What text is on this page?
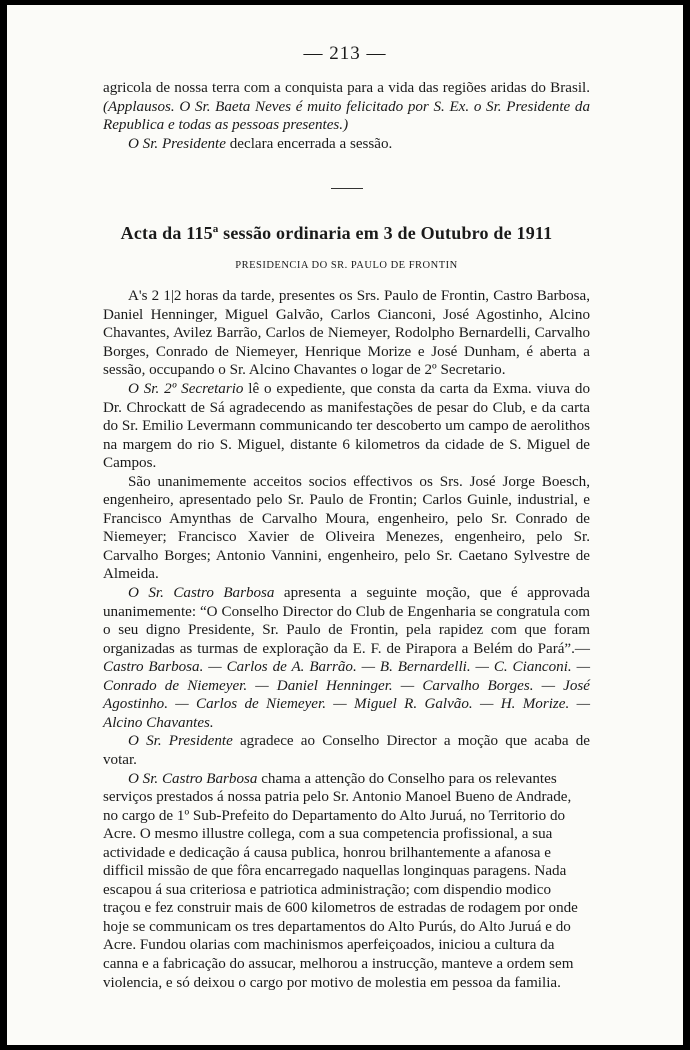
— 213 —

agricola de nossa terra com a conquista para a vida das regiões aridas do Brasil. (Applausos. O Sr. Baeta Neves é muito felicitado por S. Ex. o Sr. Presidente da Republica e todas as pessoas presentes.)

O Sr. Presidente declara encerrada a sessão.

Acta da 115ª sessão ordinaria em 3 de Outubro de 1911
PRESIDENCIA DO SR. PAULO DE FRONTIN

A's 2 1|2 horas da tarde, presentes os Srs. Paulo de Frontin, Castro Barbosa, Daniel Henninger, Miguel Galvão, Carlos Cianconi, José Agostinho, Alcino Chavantes, Avilez Barrão, Carlos de Niemeyer, Rodolpho Bernardelli, Carvalho Borges, Conrado de Niemeyer, Henrique Morize e José Dunham, é aberta a sessão, occupando o Sr. Alcino Chavantes o logar de 2º Secretario.

O Sr. 2º Secretario lê o expediente, que consta da carta da Exma. viuva do Dr. Chrockatt de Sá agradecendo as manifestações de pesar do Club, e da carta do Sr. Emilio Levermann communicando ter descoberto um campo de aerolithos na margem do rio S. Miguel, distante 6 kilometros da cidade de S. Miguel de Campos.

São unanimemente acceitos socios effectivos os Srs. José Jorge Boesch, engenheiro, apresentado pelo Sr. Paulo de Frontin; Carlos Guinle, industrial, e Francisco Amynthas de Carvalho Moura, engenheiro, pelo Sr. Conrado de Niemeyer; Francisco Xavier de Oliveira Menezes, engenheiro, pelo Sr. Carvalho Borges; Antonio Vannini, engenheiro, pelo Sr. Caetano Sylvestre de Almeida.

O Sr. Castro Barbosa apresenta a seguinte moção, que é approvada unanimemente: “O Conselho Director do Club de Engenharia se congratula com o seu digno Presidente, Sr. Paulo de Frontin, pela rapidez com que foram organizadas as turmas de exploração da E. F. de Pirapora a Belém do Pará”.— Castro Barbosa. — Carlos de A. Barrão. — B. Bernardelli. — C. Cianconi. — Conrado de Niemeyer. — Daniel Henninger. — Carvalho Borges. — José Agostinho. — Carlos de Niemeyer. — Miguel R. Galvão. — H. Morize. — Alcino Chavantes.

O Sr. Presidente agradece ao Conselho Director a moção que acaba de votar.

O Sr. Castro Barbosa chama a attenção do Conselho para os relevantes serviços prestados á nossa patria pelo Sr. Antonio Manoel Bueno de Andrade, no cargo de 1º Sub-Prefeito do Departamento do Alto Juruá, no Territorio do Acre. O mesmo illustre collega, com a sua competencia profissional, a sua actividade e dedicação á causa publica, honrou brilhantemente a afanosa e difficil missão de que fôra encarregado naquellas longinquas paragens. Nada escapou á sua criteriosa e patriotica administração; com dispendio modico traçou e fez construir mais de 600 kilometros de estradas de rodagem por onde hoje se communicam os tres departamentos do Alto Purús, do Alto Juruá e do Acre. Fundou olarias com machinismos aperfeiçoados, iniciou a cultura da canna e a fabricação do assucar, melhorou a instrucção, manteve a ordem sem violencia, e só deixou o cargo por motivo de molestia em pessoa da familia.
